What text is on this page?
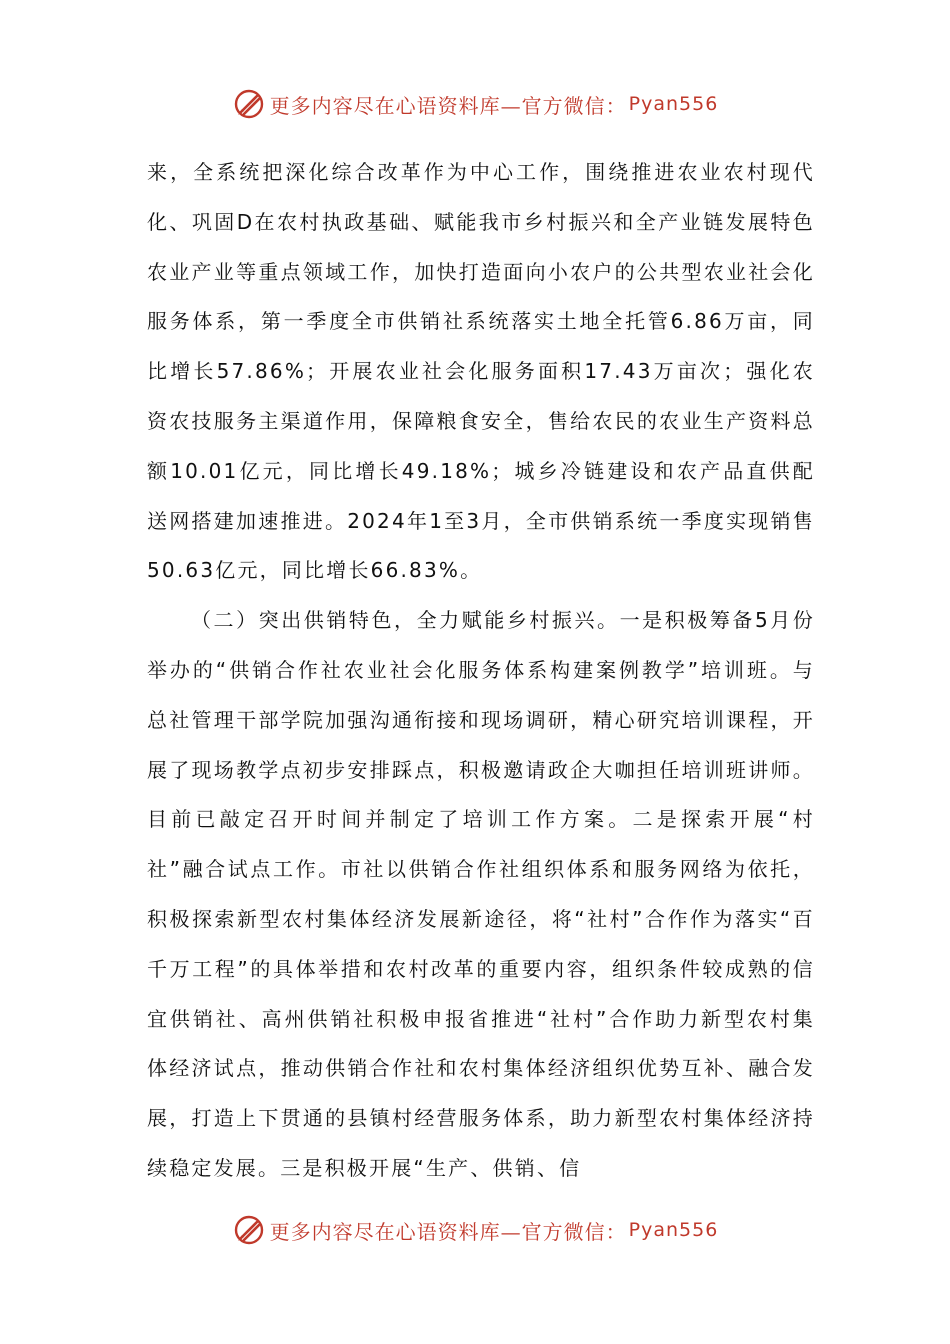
更多内容尽在心语资料库—官方微信： Pyan556

来，全系统把深化综合改革作为中心工作，围绕推进农业农村现代化、巩固D在农村执政基础、赋能我市乡村振兴和全产业链发展特色农业产业等重点领域工作，加快打造面向小农户的公共型农业社会化服务体系，第一季度全市供销社系统落实土地全托管6.86万亩，同比增长57.86%；开展农业社会化服务面积17.43万亩次；强化农资农技服务主渠道作用，保障粮食安全，售给农民的农业生产资料总额10.01亿元，同比增长49.18%；城乡冷链建设和农产品直供配送网搭建加速推进。2024年1至3月，全市供销系统一季度实现销售50.63亿元，同比增长66.83%。

（二）突出供销特色，全力赋能乡村振兴。一是积极筹备5月份举办的“供销合作社农业社会化服务体系构建案例教学”培训班。与总社管理干部学院加强沟通衔接和现场调研，精心研究培训课程，开展了现场教学点初步安排踩点，积极邀请政企大咖担任培训班讲师。目前已敲定召开时间并制定了培训工作方案。二是探索开展“村社”融合试点工作。市社以供销合作社组织体系和服务网络为依托，积极探索新型农村集体经济发展新途径，将“社村”合作作为落实“百千万工程”的具体举措和农村改革的重要内容，组织条件较成熟的信宜供销社、高州供销社积极申报省推进“社村”合作助力新型农村集体经济试点，推动供销合作社和农村集体经济组织优势互补、融合发展，打造上下贯通的县镇村经营服务体系，助力新型农村集体经济持续稳定发展。三是积极开展“生产、供销、信

更多内容尽在心语资料库—官方微信： Pyan556
